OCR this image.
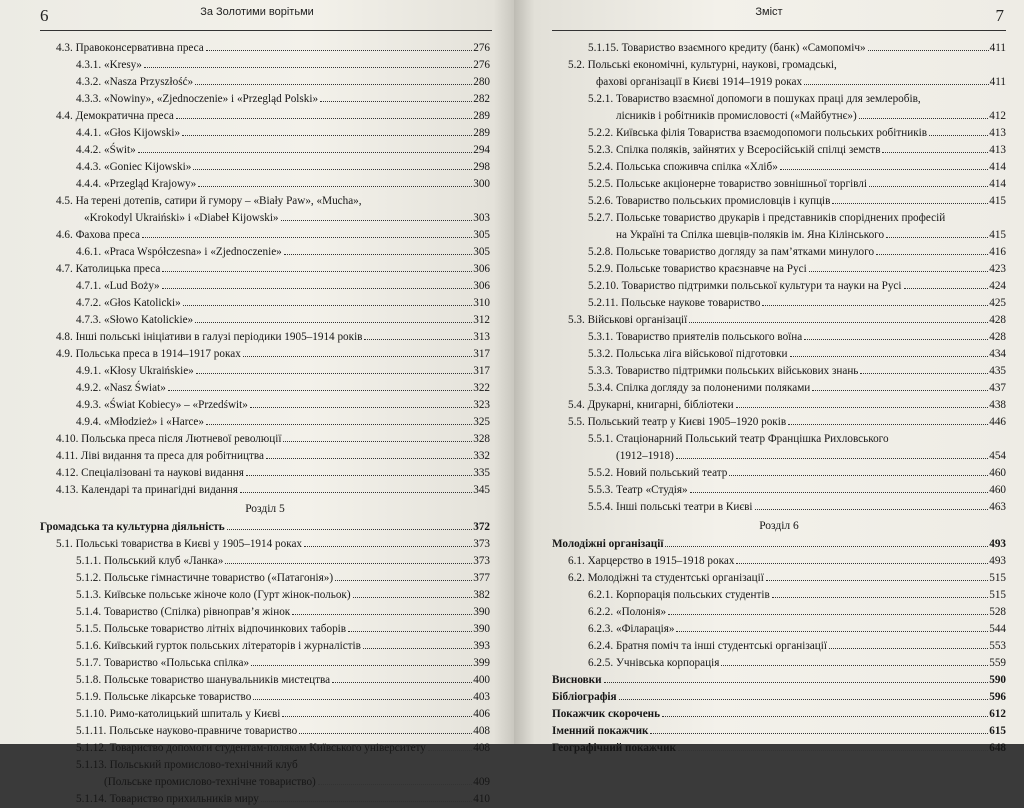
6	За Золотими ворітьми
4.3. Правоконсервативна преса	276
4.3.1. «Kresy»	276
4.3.2. «Nasza Przyszłość»	280
4.3.3. «Nowiny», «Zjednoczenie» і «Przegląd Polski»	282
4.4. Демократична преса	289
4.4.1. «Głos Kijowski»	289
4.4.2. «Świt»	294
4.4.3. «Goniec Kijowski»	298
4.4.4. «Przegląd Krajowy»	300
4.5. На терені дотепів, сатири й гумору – «Biały Paw», «Mucha»,
«Krokodyl Ukraiński» і «Diabeł Kijowski»	303
4.6. Фахова преса	305
4.6.1. «Praca Współczesna» і «Zjednoczenie»	305
4.7. Католицька преса	306
4.7.1. «Lud Boży»	306
4.7.2. «Głos Katolicki»	310
4.7.3. «Słowo Katolickie»	312
4.8. Інші польські ініціативи в галузі періодики 1905–1914 років	313
4.9. Польська преса в 1914–1917 роках	317
4.9.1. «Kłosy Ukraińskie»	317
4.9.2. «Nasz Świat»	322
4.9.3. «Świat Kobiecy» – «Przedświt»	323
4.9.4. «Młodzież» і «Harce»	325
4.10. Польська преса після Лютневої революції	328
4.11. Ліві видання та преса для робітництва	332
4.12. Спеціалізовані та наукові видання	335
4.13. Календарі та принагідні видання	345
Розділ 5
Громадська та культурна діяльність	372
5.1. Польські товариства в Києві у 1905–1914 роках	373
5.1.1. Польський клуб «Ланка»	373
5.1.2. Польське гімнастичне товариство («Патагонія»)	377
5.1.3. Київське польське жіноче коло (Гурт жінок-польок)	382
5.1.4. Товариство (Спілка) рівноправ’я жінок	390
5.1.5. Польське товариство літніх відпочинкових таборів	390
5.1.6. Київський гурток польських літераторів і журналістів	393
5.1.7. Товариство «Польська спілка»	399
5.1.8. Польське товариство шанувальників мистецтва	400
5.1.9. Польське лікарське товариство	403
5.1.10. Римо-католицький шпиталь у Києві	406
5.1.11. Польське науково-правниче товариство	408
5.1.12. Товариство допомоги студентам-полякам Київського університету	408
5.1.13. Польський промислово-технічний клуб
(Польське промислово-технічне товариство)	409
5.1.14. Товариство прихильників миру	410
Зміст	7
5.1.15. Товариство взаємного кредиту (банк) «Самопоміч»	411
5.2. Польські економічні, культурні, наукові, громадські,
фахові організації в Києві 1914–1919 роках	411
5.2.1. Товариство взаємної допомоги в пошуках праці для землеробів,
лісників і робітників промисловості («Майбутнє»)	412
5.2.2. Київська філія Товариства взаємодопомоги польських робітників	413
5.2.3. Спілка поляків, зайнятих у Всеросійській спілці земств	413
5.2.4. Польська споживча спілка «Хліб»	414
5.2.5. Польське акціонерне товариство зовнішньої торгівлі	414
5.2.6. Товариство польських промисловців і купців	415
5.2.7. Польське товариство друкарів і представників споріднених професій
на Україні та Спілка шевців-поляків ім. Яна Кілінського	415
5.2.8. Польське товариство догляду за пам’ятками минулого	416
5.2.9. Польське товариство краєзнавче на Русі	423
5.2.10. Товариство підтримки польської культури та науки на Русі	424
5.2.11. Польське наукове товариство	425
5.3. Військові організації	428
5.3.1. Товариство приятелів польського воїна	428
5.3.2. Польська ліга військової підготовки	434
5.3.3. Товариство підтримки польських військових знань	435
5.3.4. Спілка догляду за полоненими поляками	437
5.4. Друкарні, книгарні, бібліотеки	438
5.5. Польський театр у Києві 1905–1920 років	446
5.5.1. Стаціонарний Польський театр Францішка Рихловського
(1912–1918)	454
5.5.2. Новий польський театр	460
5.5.3. Театр «Студія»	460
5.5.4. Інші польські театри в Києві	463
Розділ 6
Молодіжні організації	493
6.1. Харцерство в 1915–1918 роках	493
6.2. Молодіжні та студентські організації	515
6.2.1. Корпорація польських студентів	515
6.2.2. «Полонія»	528
6.2.3. «Філарація»	544
6.2.4. Братня поміч та інші студентські організації	553
6.2.5. Учнівська корпорація	559
Висновки	590
Бібліографія	596
Покажчик скорочень	612
Іменний покажчик	615
Географічний покажчик	648
